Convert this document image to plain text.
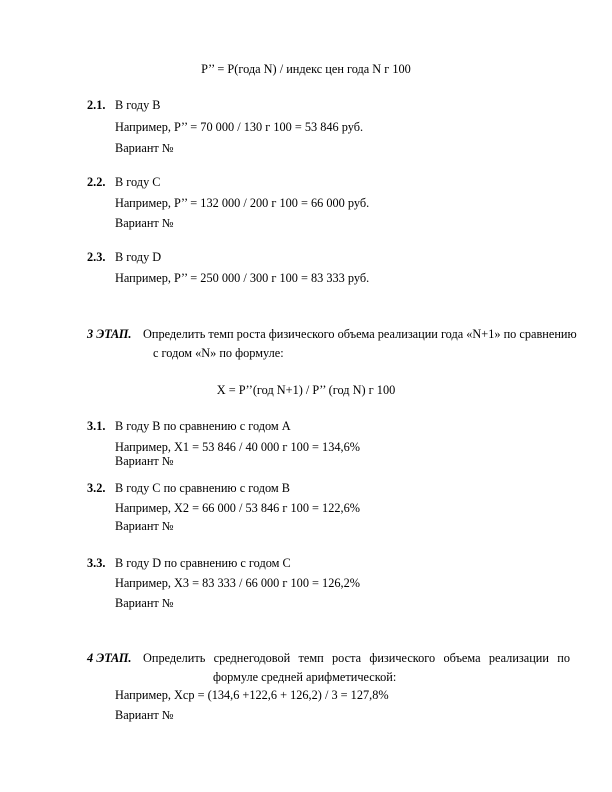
Р’’ = Р(года N) / индекс цен года N г 100
2.1. В году В
Например, Р’’ = 70 000 / 130 г 100 = 53 846 руб.
Вариант №
2.2. В году С
Например, Р’’ = 132 000 / 200 г 100 = 66 000 руб.
Вариант №
2.3. В году D
Например, Р’’ = 250 000 / 300 г 100 = 83 333 руб.
3 ЭТАП. Определить темп роста физического объема реализации года «N+1» по сравнению
с годом «N» по формуле:
X = Р’’(год N+1) / Р’’ (год N) г 100
3.1. В году В по сравнению с годом А
Например, X1 = 53 846 / 40 000 г 100 = 134,6%
Вариант №
3.2. В году С по сравнению с годом В
Например, X2 = 66 000 / 53 846 г 100 = 122,6%
Вариант №
3.3. В году D по сравнению с годом С
Например, X3 = 83 333 / 66 000 г 100 = 126,2%
Вариант №
4 ЭТАП. Определить среднегодовой темп роста физического объема реализации по
формуле средней арифметической:
Например, Xср = (134,6 +122,6 + 126,2) / 3 = 127,8%
Вариант №
